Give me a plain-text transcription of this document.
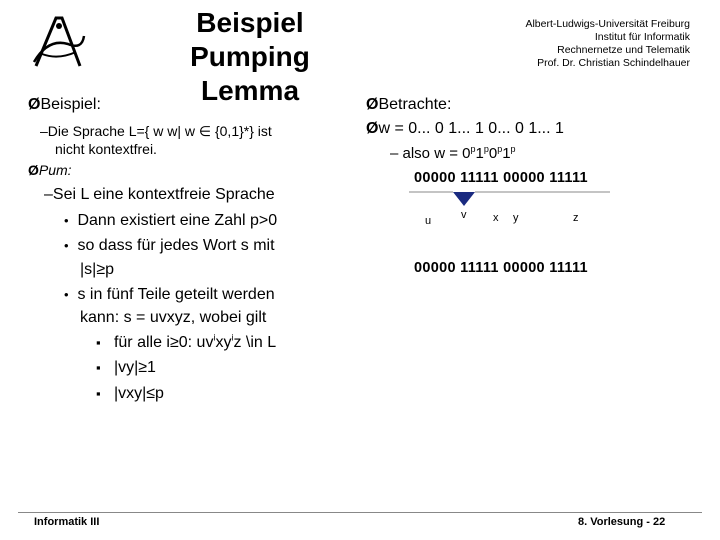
Beispiel
Pumping Lemma
Albert-Ludwigs-Universität Freiburg
Institut für Informatik
Rechnernetze und Telematik
Prof. Dr. Christian Schindelhauer
ØBeispiel:
–Die Sprache L={ w w| w ∈ {0,1}*} ist
nicht kontextfrei.
ØPum:
–Sei L eine kontextfreie Sprache
• Dann existiert eine Zahl p>0
• so dass für jedes Wort s mit
|s|≥p
• s in fünf Teile geteilt werden
kann: s = uvxyz, wobei gilt
▪ für alle i≥0: $uv^ixy^iz$ \in L
▪ |vy|≥1
▪ |vxy|≤p
ØBetrachte:
Øw = 0... 0 1... 1 0... 0 1... 1
– also $w = 0^p1^p0^p1^p$
00000 11111 00000 11111
u	v x y	z
00000 11111 00000 11111
Informatik III	8. Vorlesung - 22
